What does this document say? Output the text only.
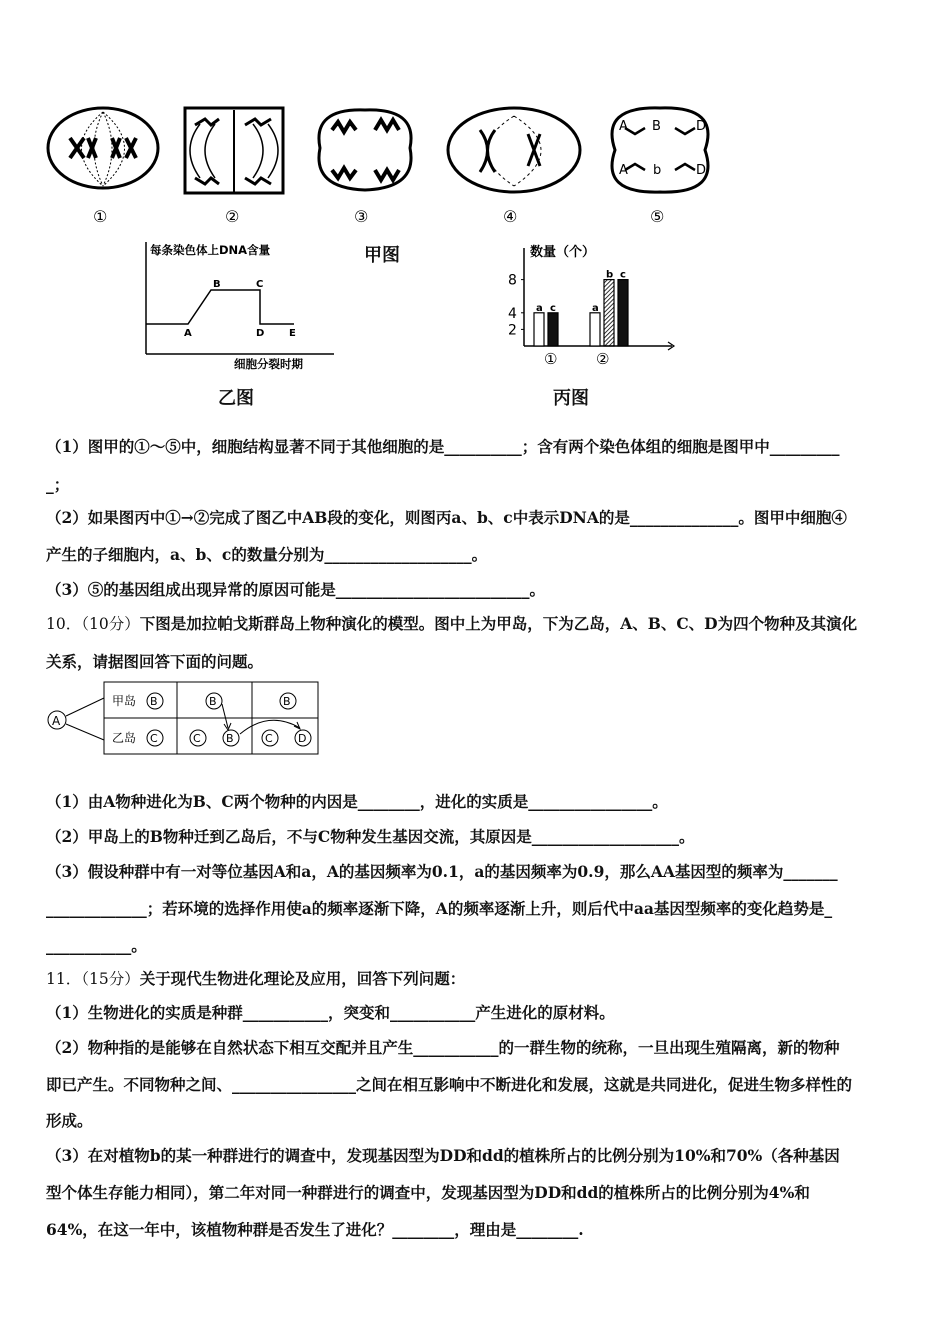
A B	D
A b	D
①	②	③	④	⑤
甲图
每条染色体上DNA含量
A
B	C
D E
细胞分裂时期
乙图
数量（个）
2
4
8
a c	a
b c
①	②
丙图
（1）图甲的①～⑤中，细胞结构显著不同于其他细胞的是__________；含有两个染色体组的细胞是图甲中_________
_；
（2）如果图丙中①→②完成了图乙中AB段的变化，则图丙a、b、c中表示DNA的是______________。图甲中细胞④
产生的子细胞内，a、b、c的数量分别为___________________。
（3）⑤的基因组成出现异常的原因可能是_________________________。
10．（10分）下图是加拉帕戈斯群岛上物种演化的模型。图中上为甲岛，下为乙岛，A、B、C、D为四个物种及其演化
关系，请据图回答下面的问题。
A
甲岛
乙岛
B	B	B
C	C B	C D
（1）由A物种进化为B、C两个物种的内因是________，进化的实质是________________。
（2）甲岛上的B物种迁到乙岛后，不与C物种发生基因交流，其原因是___________________。
（3）假设种群中有一对等位基因A和a，A的基因频率为0.1，a的基因频率为0.9，那么AA基因型的频率为_______
_____________；若环境的选择作用使a的频率逐渐下降，A的频率逐渐上升，则后代中aa基因型频率的变化趋势是_
___________。
11．（15分）关于现代生物进化理论及应用，回答下列问题：
（1）生物进化的实质是种群___________，突变和___________产生进化的原材料。
（2）物种指的是能够在自然状态下相互交配并且产生___________的一群生物的统称，一旦出现生殖隔离，新的物种
即已产生。不同物种之间、________________之间在相互影响中不断进化和发展，这就是共同进化，促进生物多样性的
形成。
（3）在对植物b的某一种群进行的调查中，发现基因型为DD和dd的植株所占的比例分别为10%和70%（各种基因
型个体生存能力相同），第二年对同一种群进行的调查中，发现基因型为DD和dd的植株所占的比例分别为4%和
64%，在这一年中，该植物种群是否发生了进化？________，理由是________.
